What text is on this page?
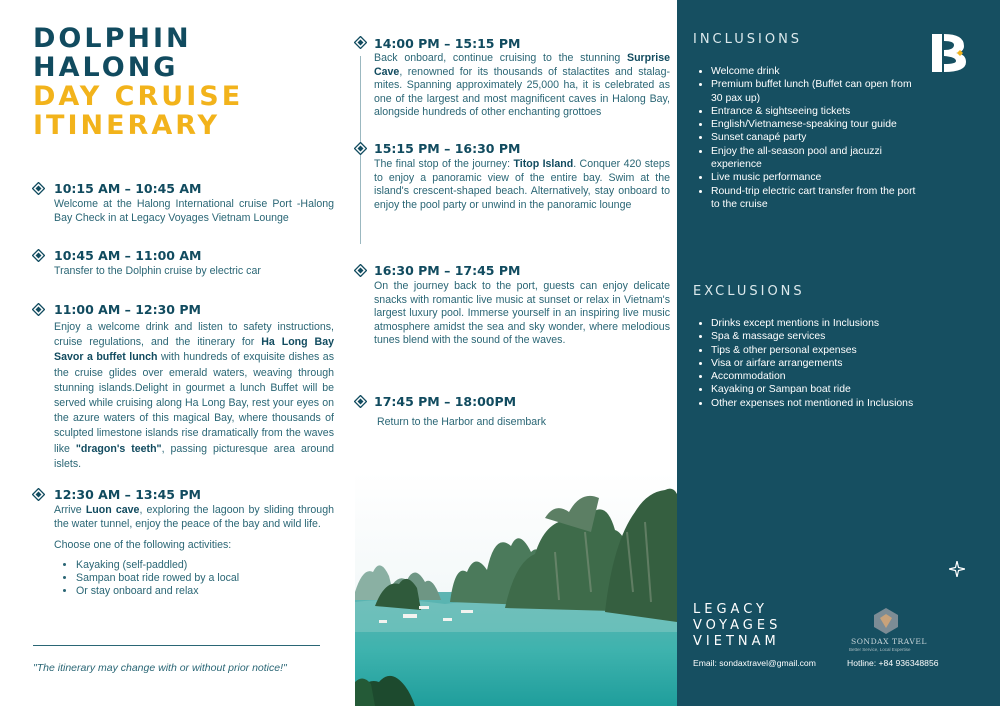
DOLPHIN
HALONG
DAY CRUISE
ITINERARY
10:15 AM – 10:45 AM
Welcome at the Halong International cruise Port -Halong Bay Check in at Legacy Voyages Vietnam Lounge
10:45 AM – 11:00 AM
Transfer to the Dolphin cruise by electric car
11:00 AM – 12:30 PM
Enjoy a welcome drink and listen to safety instructions, cruise regulations, and the itinerary for Ha Long Bay Savor a buffet lunch with hundreds of exquisite dishes as the cruise glides over emerald waters, weaving through stunning islands.Delight in gourmet a lunch Buffet will be served while cruising along Ha Long Bay, rest your eyes on the azure waters of this magical Bay, where thousands of sculpted limestone islands rise dramatically from the waves like "dragon's teeth", passing picturesque area around islets.
12:30 AM – 13:45 PM
Arrive Luon cave, exploring the lagoon by sliding through the water tunnel, enjoy the peace of the bay and wild life.
Choose one of the following activities:
• Kayaking (self-paddled)
• Sampan boat ride rowed by a local
• Or stay onboard and relax
"The itinerary may change with or without prior notice!"
14:00 PM – 15:15 PM
Back onboard, continue cruising to the stunning Surprise Cave, renowned for its thousands of stalactites and stalag- mites. Spanning approximately 25,000 ha, it is celebrated as one of the largest and most magnificent caves in Halong Bay, alongside hundreds of other enchanting grottoes
15:15 PM – 16:30 PM
The final stop of the journey: Titop Island. Conquer 420 steps to enjoy a panoramic view of the entire bay. Swim at the island's crescent-shaped beach. Alternatively, stay onboard to enjoy the pool party or unwind in the panoramic lounge
16:30 PM – 17:45 PM
On the journey back to the port, guests can enjoy delicate snacks with romantic live music at sunset or relax in Vietnam's largest luxury pool. Immerse yourself in an inspiring live music atmosphere amidst the sea and sky wonder, where melodious tunes blend with the sound of the waves.
17:45 PM – 18:00PM
Return to the Harbor and disembark
INCLUSIONS
• Welcome drink
• Premium buffet lunch (Buffet can open from 30 pax up)
• Entrance & sightseeing tickets
• English/Vietnamese-speaking tour guide
• Sunset canapé party
• Enjoy the all-season pool and jacuzzi experience
• Live music performance
• Round-trip electric cart transfer from the port to the cruise
EXCLUSIONS
• Drinks except mentions in Inclusions
• Spa & massage services
• Tips & other personal expenses
• Visa or airfare arrangements
• Accommodation
• Kayaking or Sampan boat ride
• Other expenses not mentioned in Inclusions
LEGACY
VOYAGES
VIETNAM	SONDAX TRAVEL
Better Service, Local Expertise
Email: sondaxtravel@gmail.com	Hotline: +84 936348856
